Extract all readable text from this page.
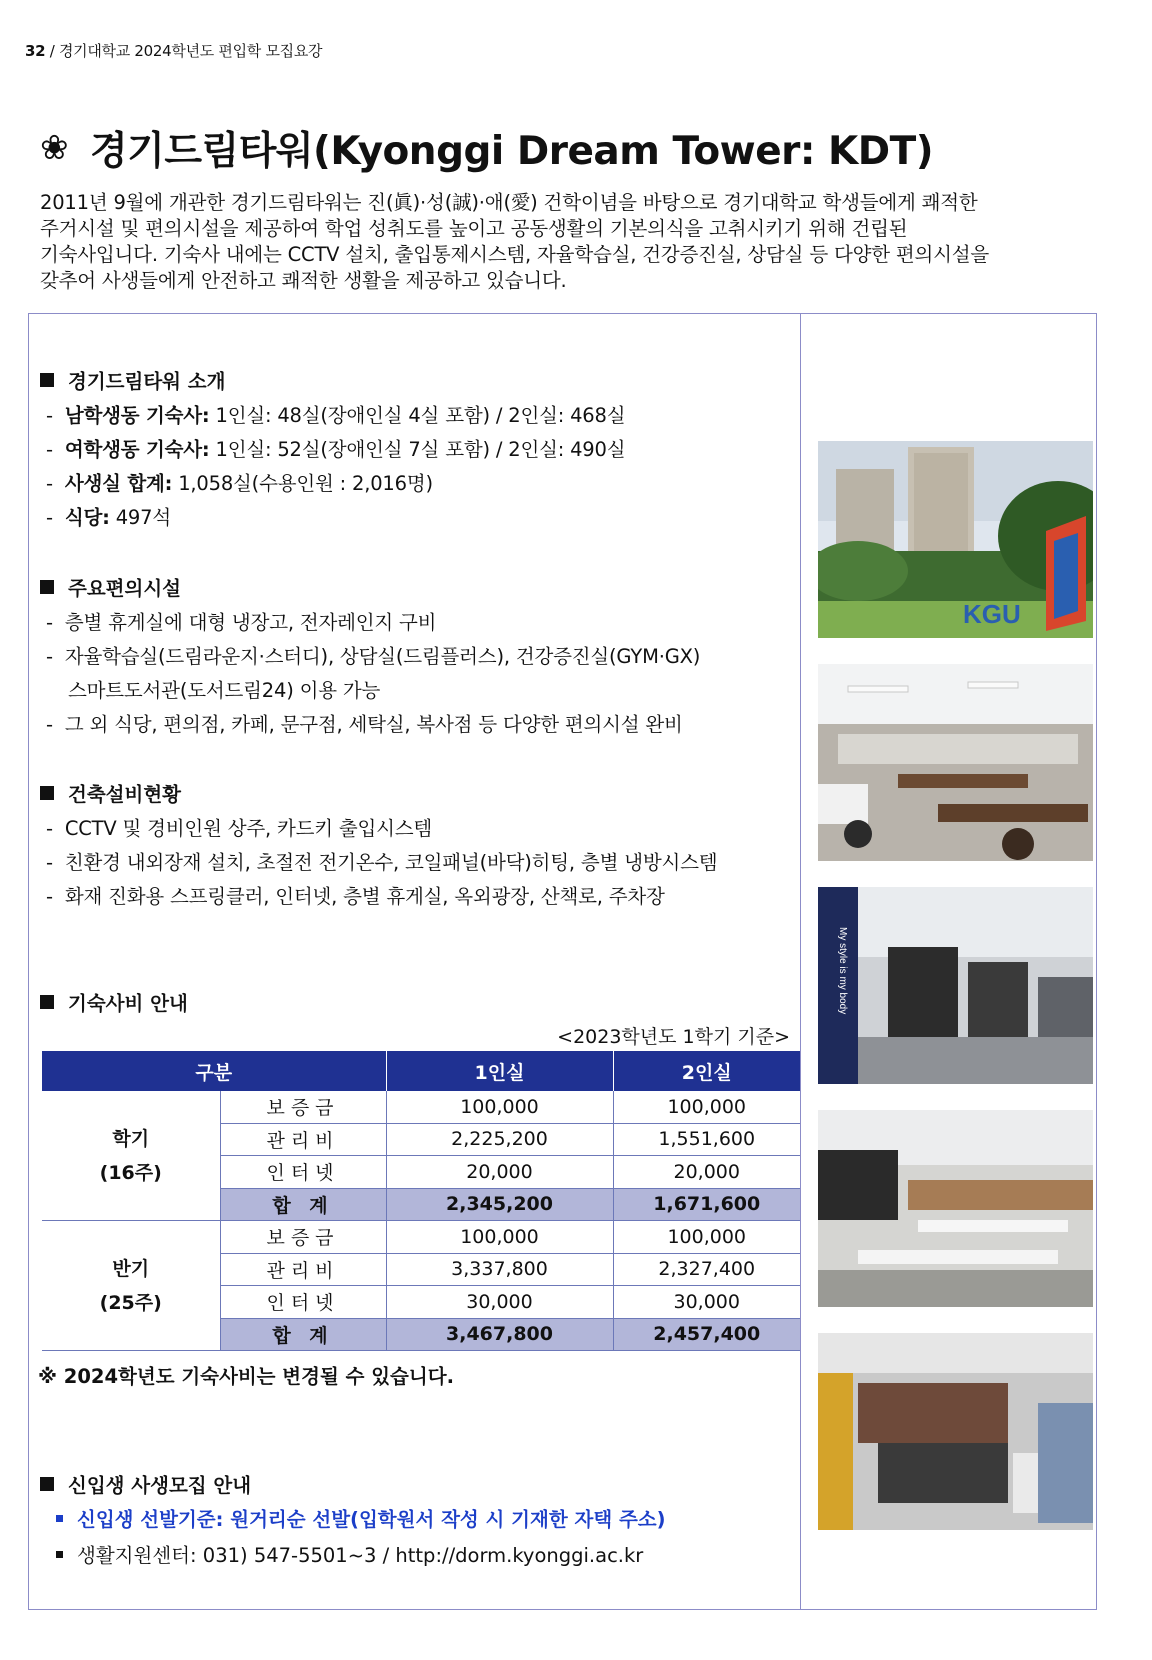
32 / 경기대학교 2024학년도 편입학 모집요강
❀ 경기드림타워(Kyonggi Dream Tower: KDT)
2011년 9월에 개관한 경기드림타워는 진(眞)·성(誠)·애(愛) 건학이념을 바탕으로 경기대학교 학생들에게 쾌적한
주거시설 및 편의시설을 제공하여 학업 성취도를 높이고 공동생활의 기본의식을 고취시키기 위해 건립된
기숙사입니다. 기숙사 내에는 CCTV 설치, 출입통제시스템, 자율학습실, 건강증진실, 상담실 등 다양한 편의시설을
갖추어 사생들에게 안전하고 쾌적한 생활을 제공하고 있습니다.
경기드림타워 소개
- 남학생동 기숙사: 1인실: 48실(장애인실 4실 포함) / 2인실: 468실
- 여학생동 기숙사: 1인실: 52실(장애인실 7실 포함) / 2인실: 490실
- 사생실 합계: 1,058실(수용인원 : 2,016명)
- 식당: 497석
주요편의시설
- 층별 휴게실에 대형 냉장고, 전자레인지 구비
- 자율학습실(드림라운지·스터디), 상담실(드림플러스), 건강증진실(GYM·GX)
스마트도서관(도서드림24) 이용 가능
- 그 외 식당, 편의점, 카페, 문구점, 세탁실, 복사점 등 다양한 편의시설 완비
건축설비현황
- CCTV 및 경비인원 상주, 카드키 출입시스템
- 친환경 내외장재 설치, 초절전 전기온수, 코일패널(바닥)히팅, 층별 냉방시스템
- 화재 진화용 스프링클러, 인터넷, 층별 휴게실, 옥외광장, 산책로, 주차장
기숙사비 안내
<2023학년도 1학기 기준>
구분		1인실	2인실

학기
(16주)	보증금	100,000	100,000
	관리비	2,225,200	1,551,600
	인터넷	20,000	20,000
	합 계	2,345,200	1,671,600

반기
(25주)	보증금	100,000	100,000
	관리비	3,337,800	2,327,400
	인터넷	30,000	30,000
	합 계	3,467,800	2,457,400
※ 2024학년도 기숙사비는 변경될 수 있습니다.
신입생 사생모집 안내
신입생 선발기준: 원거리순 선발(입학원서 작성 시 기재한 자택 주소)
생활지원센터: 031) 547-5501~3 / http://dorm.kyonggi.ac.kr
KGU
My style is my body
